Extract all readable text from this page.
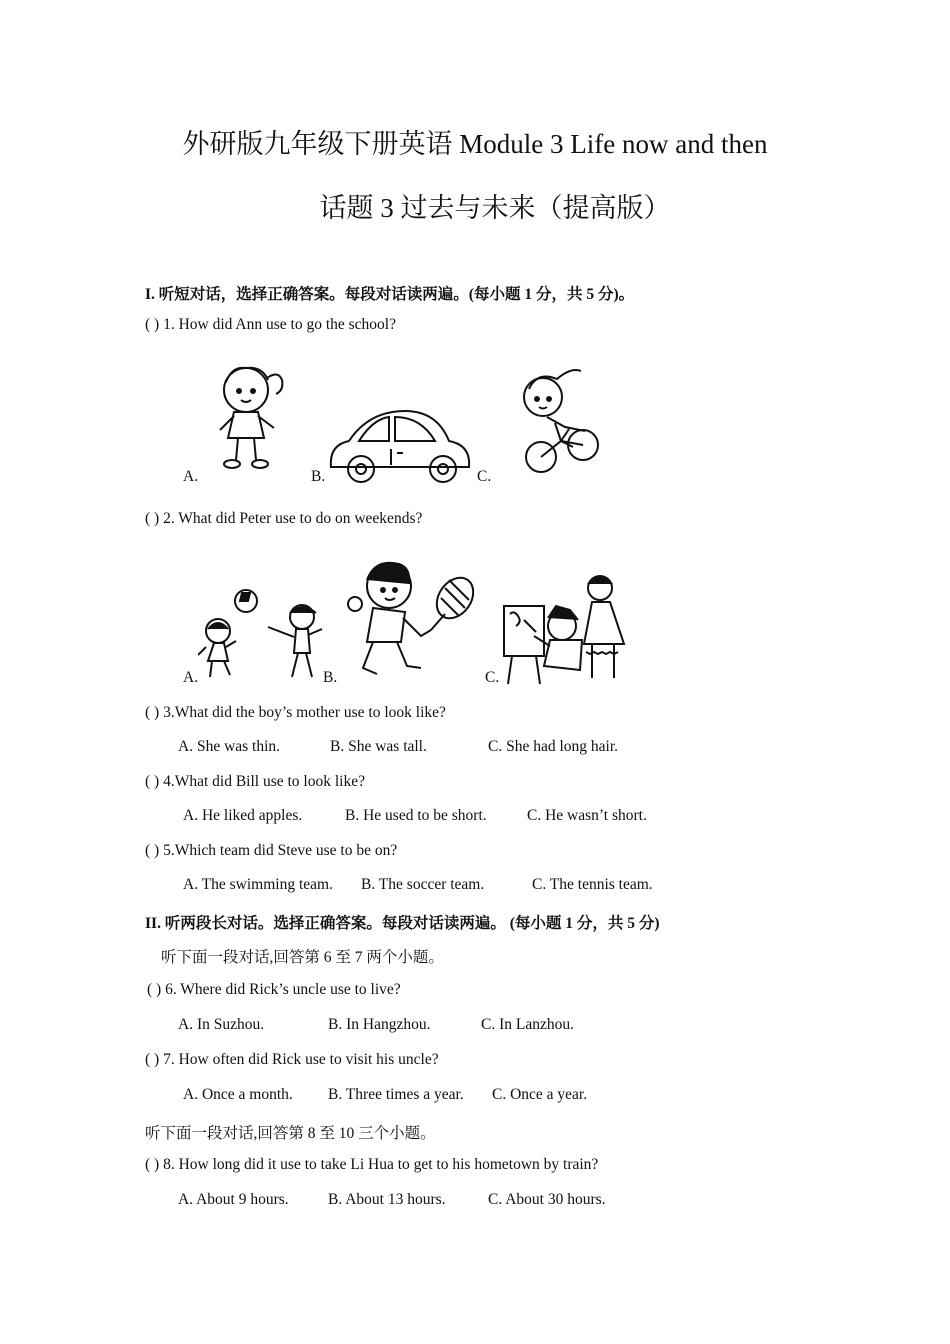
外研版九年级下册英语 Module 3 Life now and then
话题 3 过去与未来（提高版）
I. 听短对话，选择正确答案。每段对话读两遍。(每小题 1 分，共 5 分)。
( ) 1. How did Ann use to go the school?
A.	B.	C.
( ) 2. What did Peter use to do on weekends?
A.	B.	C.
( ) 3.What did the boy’s mother use to look like?
A. She was thin.	B. She was tall.	C. She had long hair.
( ) 4.What did Bill use to look like?
A. He liked apples.	B. He used to be short.	C. He wasn’t short.
( ) 5.Which team did Steve use to be on?
A. The swimming team. B. The soccer team.	C. The tennis team.
II. 听两段长对话。选择正确答案。每段对话读两遍。 (每小题 1 分，共 5 分)
听下面一段对话,回答第 6 至 7 两个小题。
( ) 6. Where did Rick’s uncle use to live?
A. In Suzhou.	B. In Hangzhou.	C. In Lanzhou.
( ) 7. How often did Rick use to visit his uncle?
A. Once a month. B. Three times a year. C. Once a year.
听下面一段对话,回答第 8 至 10 三个小题。
( ) 8. How long did it use to take Li Hua to get to his hometown by train?
A. About 9 hours.	B. About 13 hours.	C. About 30 hours.
